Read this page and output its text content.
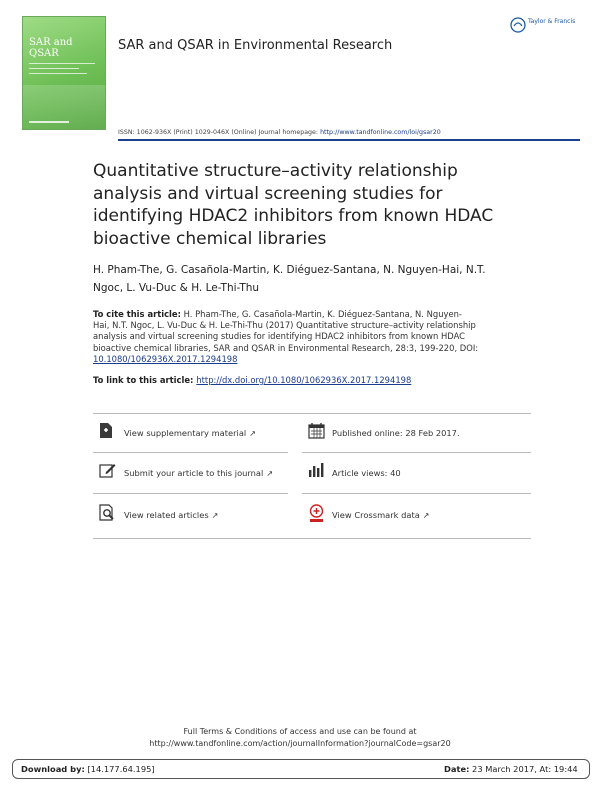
SAR and QSAR
SAR and QSAR in Environmental Research
Taylor & Francis
ISSN: 1062-936X (Print) 1029-046X (Online) Journal homepage: http://www.tandfonline.com/loi/gsar20
Quantitative structure–activity relationship
analysis and virtual screening studies for
identifying HDAC2 inhibitors from known HDAC
bioactive chemical libraries
H. Pham-The, G. Casañola-Martin, K. Diéguez-Santana, N. Nguyen-Hai, N.T.
Ngoc, L. Vu-Duc & H. Le-Thi-Thu
To cite this article: H. Pham-The, G. Casañola-Martin, K. Diéguez-Santana, N. Nguyen-
Hai, N.T. Ngoc, L. Vu-Duc & H. Le-Thi-Thu (2017) Quantitative structure–activity relationship
analysis and virtual screening studies for identifying HDAC2 inhibitors from known HDAC
bioactive chemical libraries, SAR and QSAR in Environmental Research, 28:3, 199-220, DOI:
10.1080/1062936X.2017.1294198
To link to this article: http://dx.doi.org/10.1080/1062936X.2017.1294198
View supplementary material ↗	Published online: 28 Feb 2017.
Submit your article to this journal ↗	Article views: 40
View related articles ↗	View Crossmark data ↗
Full Terms & Conditions of access and use can be found at
http://www.tandfonline.com/action/journalInformation?journalCode=gsar20
Download by: [14.177.64.195]	Date: 23 March 2017, At: 19:44
